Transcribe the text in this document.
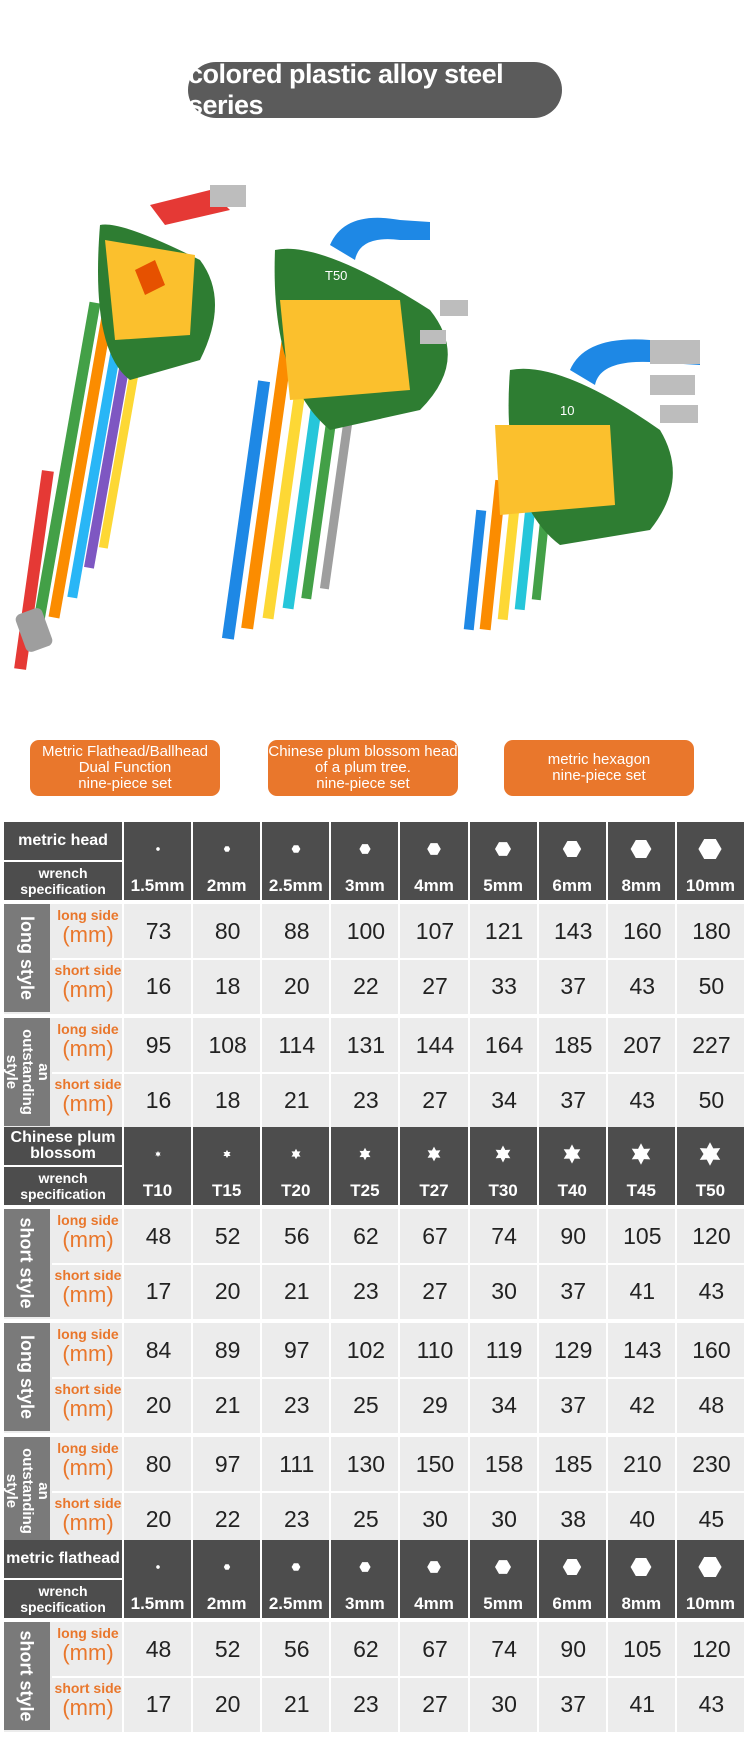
colored plastic alloy steel series
T50
10
Metric Flathead/Ballhead
Dual Function
nine-piece set
Chinese plum blossom head
of a plum tree.
nine-piece set
metric hexagon
nine-piece set
metric head
wrench specification	1.5mm 2mm 2.5mm 3mm 4mm 5mm 6mm 8mm 10mm
long style
long side
(mm)	73	80	88	100	107	121	143	160	180
short side
(mm)	16	18	20	22	27	33	37	43	50
an outstanding style
long side
(mm)	95	108	114	131	144	164	185	207	227
short side
(mm)	16	18	21	23	27	34	37	43	50
Chinese plum blossom
wrench specification	T10 T15 T20 T25 T27 T30 T40 T45 T50
short style long side
(mm)	48	52	56	62	67	74	90	105	120
short side
(mm)	17	20	21	23	27	30	37	41	43
long style
long side
(mm)	84	89	97	102	110	119	129	143	160
short side
(mm)	20	21	23	25	29	34	37	42	48
an outstanding style
long side
(mm)	80	97	111	130	150	158	185	210	230
short side
(mm)	20	22	23	25	30	30	38	40	45
metric flathead
wrench specification	1.5mm 2mm 2.5mm 3mm 4mm 5mm 6mm 8mm 10mm
short style long side
(mm)	48	52	56	62	67	74	90	105	120
short side
(mm)	17	20	21	23	27	30	37	41	43
